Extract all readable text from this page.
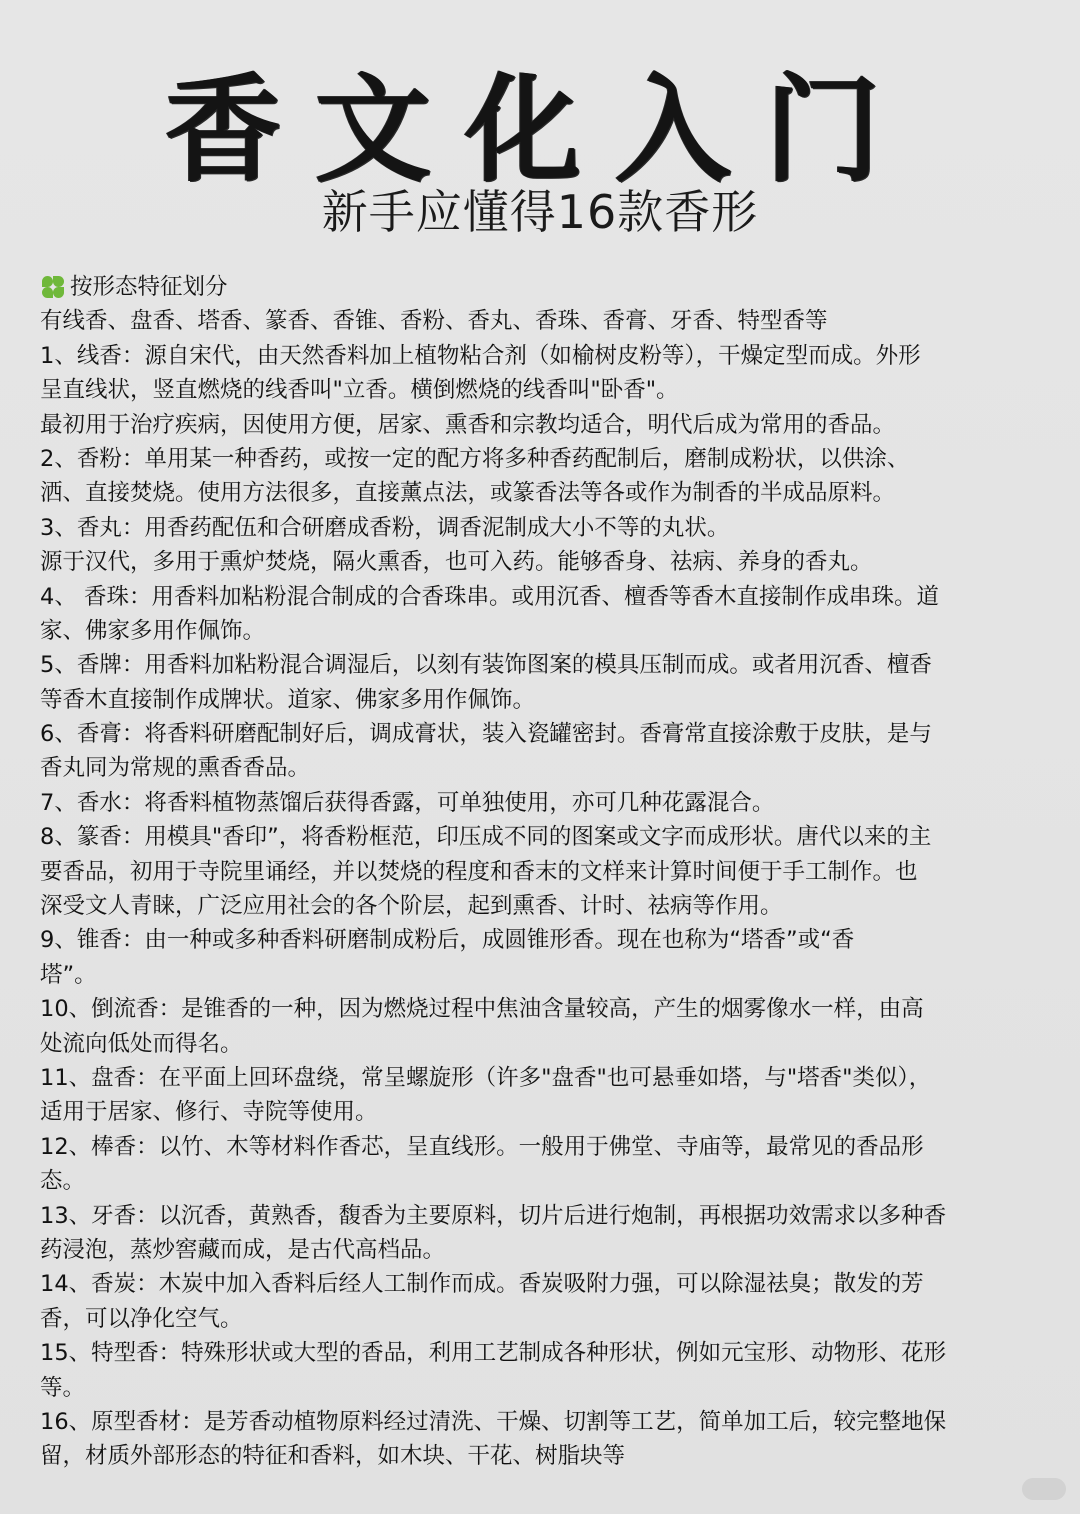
香文化入门
新手应懂得16款香形
按形态特征划分
有线香、盘香、塔香、篆香、香锥、香粉、香丸、香珠、香膏、牙香、特型香等
1、线香：源自宋代，由天然香料加上植物粘合剂（如榆树皮粉等），干燥定型而成。外形
呈直线状，竖直燃烧的线香叫"立香。横倒燃烧的线香叫"卧香"。
最初用于治疗疾病，因使用方便，居家、熏香和宗教均适合，明代后成为常用的香品。
2、香粉：单用某一种香药，或按一定的配方将多种香药配制后，磨制成粉状，以供涂、
洒、直接焚烧。使用方法很多，直接薰点法，或篆香法等各或作为制香的半成品原料。
3、香丸：用香药配伍和合研磨成香粉，调香泥制成大小不等的丸状。
源于汉代，多用于熏炉焚烧，隔火熏香，也可入药。能够香身、祛病、养身的香丸。
4、 香珠：用香料加粘粉混合制成的合香珠串。或用沉香、檀香等香木直接制作成串珠。道
家、佛家多用作佩饰。
5、香牌：用香料加粘粉混合调湿后，以刻有装饰图案的模具压制而成。或者用沉香、檀香
等香木直接制作成牌状。道家、佛家多用作佩饰。
6、香膏：将香料研磨配制好后，调成膏状，装入瓷罐密封。香膏常直接涂敷于皮肤，是与
香丸同为常规的熏香香品。
7、香水：将香料植物蒸馏后获得香露，可单独使用，亦可几种花露混合。
8、篆香：用模具"香印”，将香粉框范，印压成不同的图案或文字而成形状。唐代以来的主
要香品，初用于寺院里诵经，并以焚烧的程度和香末的文样来计算时间便于手工制作。也
深受文人青睐，广泛应用社会的各个阶层，起到熏香、计时、祛病等作用。
9、锥香：由一种或多种香料研磨制成粉后，成圆锥形香。现在也称为“塔香”或“香
塔”。
10、倒流香：是锥香的一种，因为燃烧过程中焦油含量较高，产生的烟雾像水一样，由高
处流向低处而得名。
11、盘香：在平面上回环盘绕，常呈螺旋形（许多"盘香"也可悬垂如塔，与"塔香"类似），
适用于居家、修行、寺院等使用。
12、棒香：以竹、木等材料作香芯，呈直线形。一般用于佛堂、寺庙等，最常见的香品形
态。
13、牙香：以沉香，黄熟香，馥香为主要原料，切片后进行炮制，再根据功效需求以多种香
药浸泡，蒸炒窖藏而成，是古代高档品。
14、香炭：木炭中加入香料后经人工制作而成。香炭吸附力强，可以除湿祛臭；散发的芳
香，可以净化空气。
15、特型香：特殊形状或大型的香品，利用工艺制成各种形状，例如元宝形、动物形、花形
等。
16、原型香材：是芳香动植物原料经过清洗、干燥、切割等工艺，简单加工后，较完整地保
留，材质外部形态的特征和香料，如木块、干花、树脂块等
